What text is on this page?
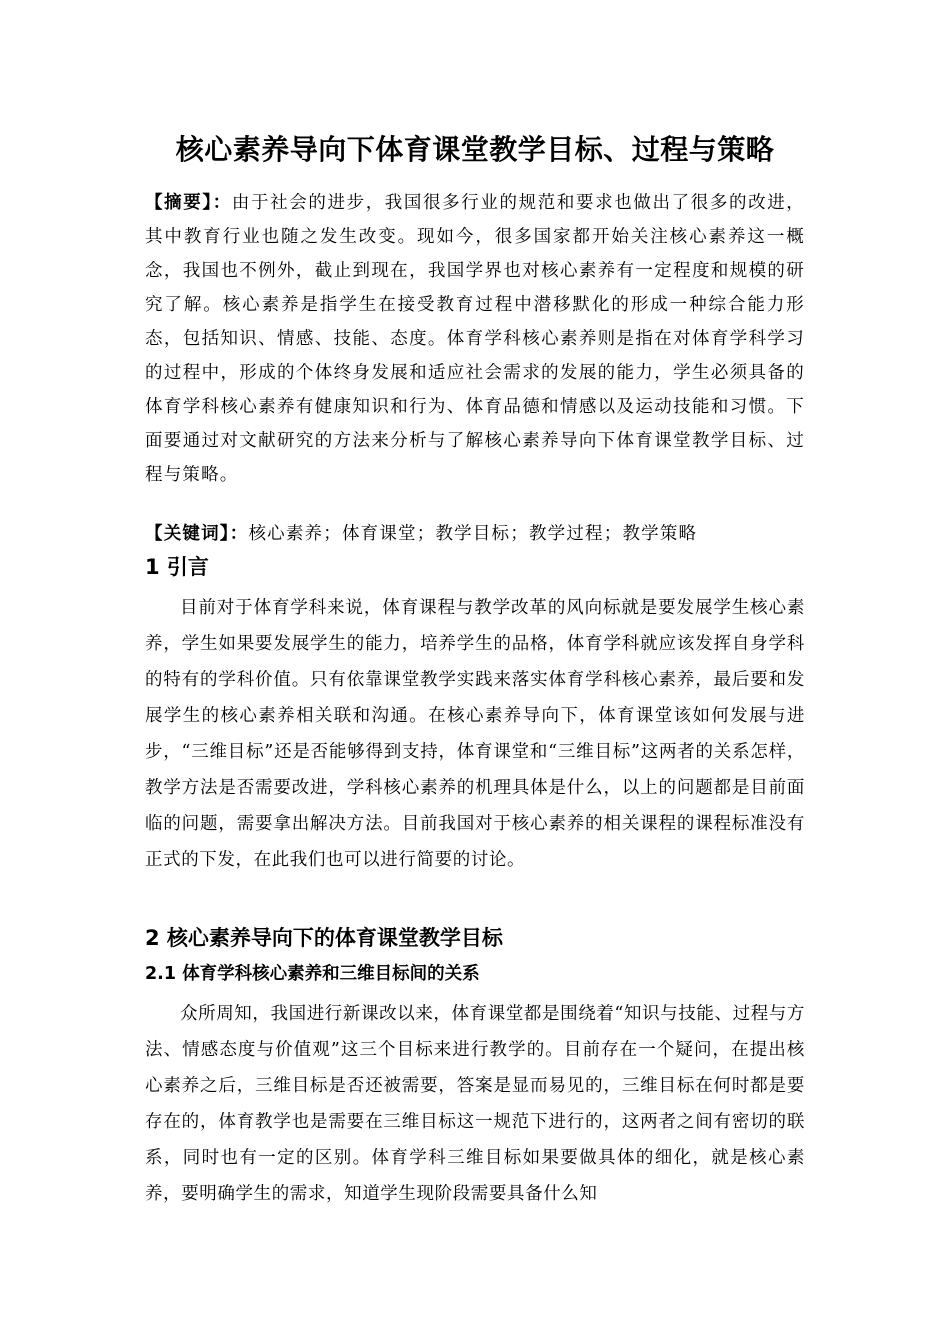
核心素养导向下体育课堂教学目标、过程与策略
【摘要】：由于社会的进步，我国很多行业的规范和要求也做出了很多的改进，其中教育行业也随之发生改变。现如今，很多国家都开始关注核心素养这一概念，我国也不例外，截止到现在，我国学界也对核心素养有一定程度和规模的研究了解。核心素养是指学生在接受教育过程中潜移默化的形成一种综合能力形态，包括知识、情感、技能、态度。体育学科核心素养则是指在对体育学科学习的过程中，形成的个体终身发展和适应社会需求的发展的能力，学生必须具备的体育学科核心素养有健康知识和行为、体育品德和情感以及运动技能和习惯。下面要通过对文献研究的方法来分析与了解核心素养导向下体育课堂教学目标、过程与策略。
【关键词】：核心素养；体育课堂；教学目标；教学过程；教学策略
1 引言
目前对于体育学科来说，体育课程与教学改革的风向标就是要发展学生核心素养，学生如果要发展学生的能力，培养学生的品格，体育学科就应该发挥自身学科的特有的学科价值。只有依靠课堂教学实践来落实体育学科核心素养，最后要和发展学生的核心素养相关联和沟通。在核心素养导向下，体育课堂该如何发展与进步，“三维目标”还是否能够得到支持，体育课堂和“三维目标”这两者的关系怎样，教学方法是否需要改进，学科核心素养的机理具体是什么，以上的问题都是目前面临的问题，需要拿出解决方法。目前我国对于核心素养的相关课程的课程标准没有正式的下发，在此我们也可以进行简要的讨论。
2 核心素养导向下的体育课堂教学目标
2.1 体育学科核心素养和三维目标间的关系
众所周知，我国进行新课改以来，体育课堂都是围绕着“知识与技能、过程与方法、情感态度与价值观”这三个目标来进行教学的。目前存在一个疑问，在提出核心素养之后，三维目标是否还被需要，答案是显而易见的，三维目标在何时都是要存在的，体育教学也是需要在三维目标这一规范下进行的，这两者之间有密切的联系，同时也有一定的区别。体育学科三维目标如果要做具体的细化，就是核心素养，要明确学生的需求，知道学生现阶段需要具备什么知
